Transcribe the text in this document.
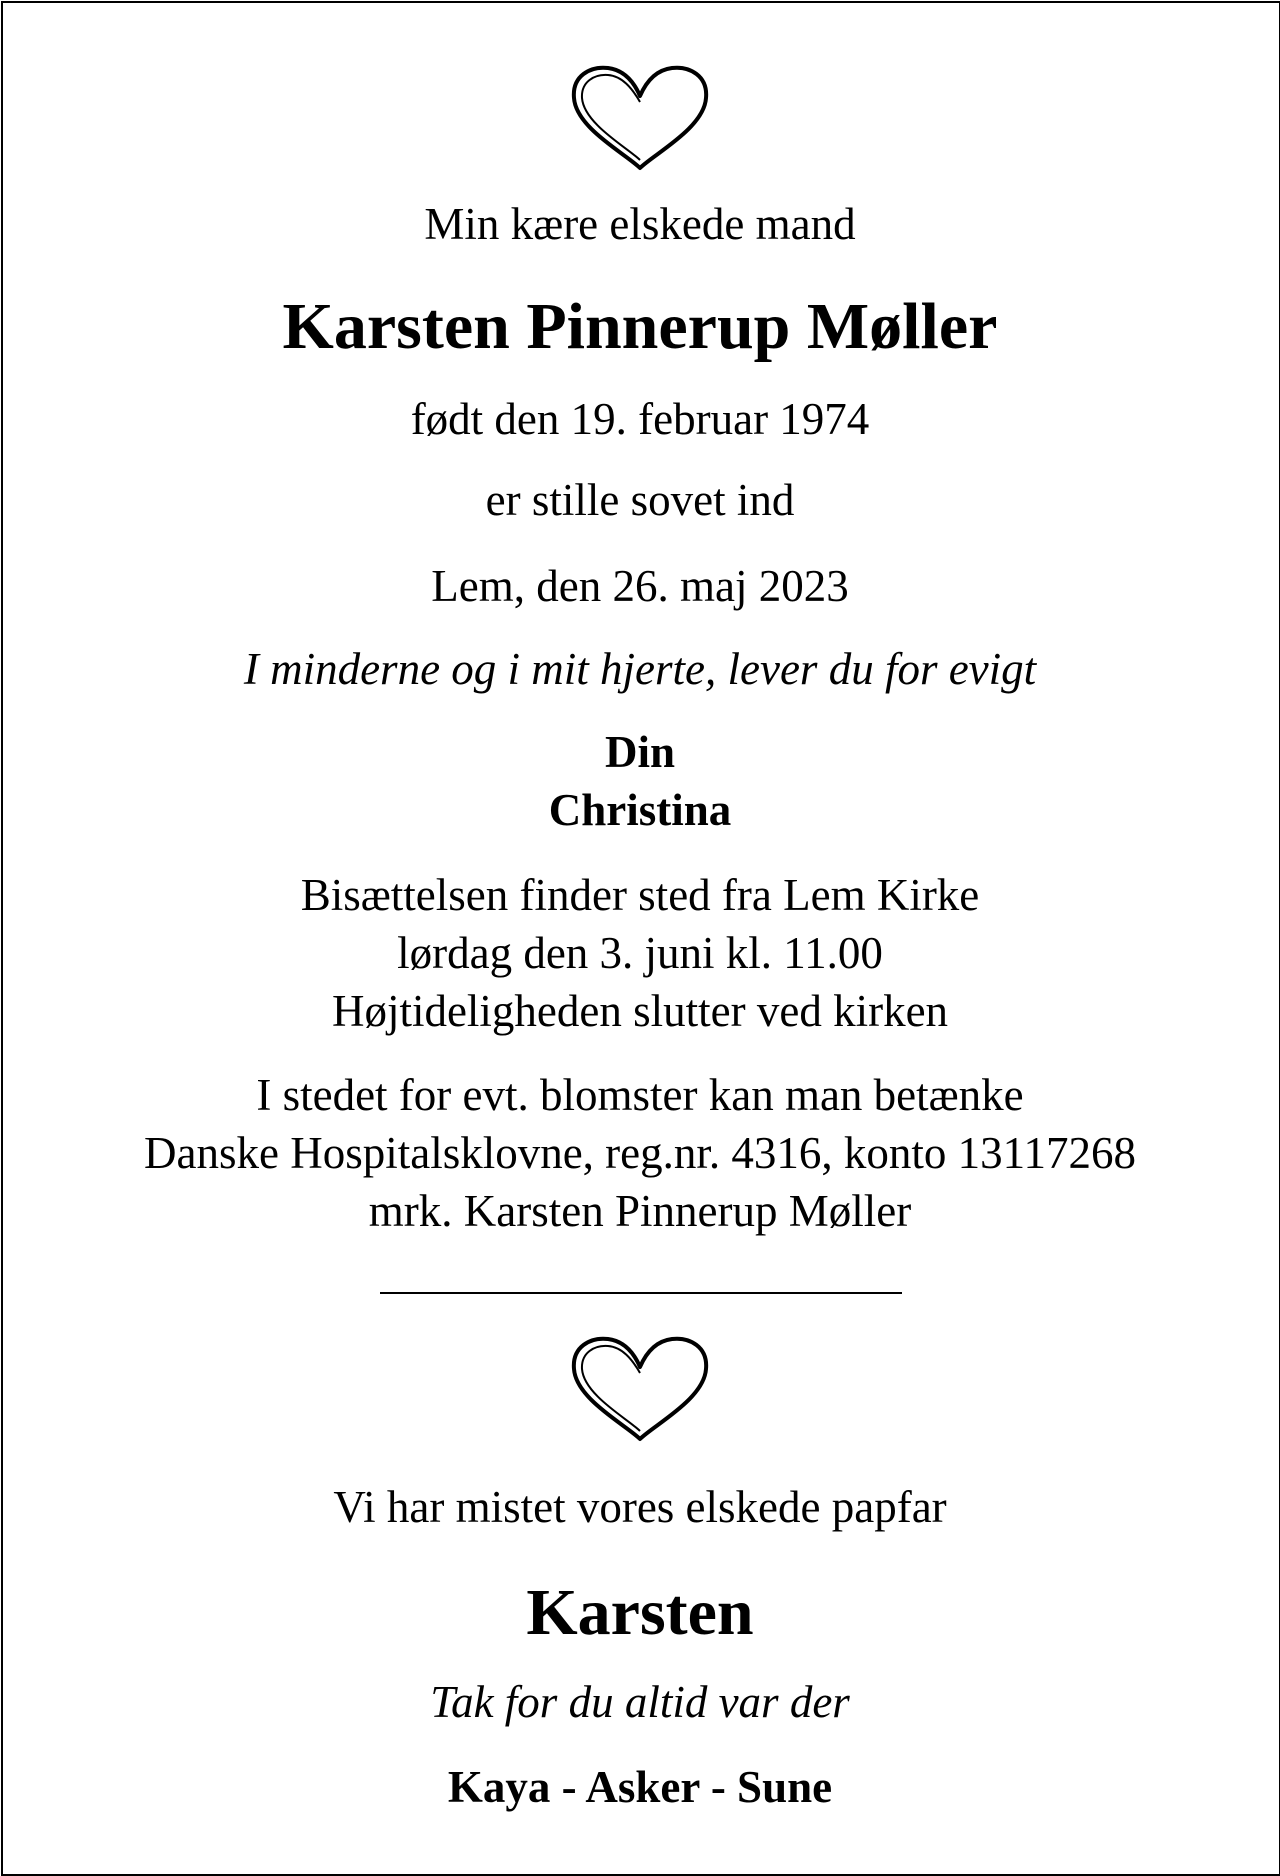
Min kære elskede mand
Karsten Pinnerup Møller
født den 19. februar 1974
er stille sovet ind
Lem, den 26. maj 2023
I minderne og i mit hjerte, lever du for evigt
Din
Christina
Bisættelsen finder sted fra Lem Kirke
lørdag den 3. juni kl. 11.00
Højtideligheden slutter ved kirken
I stedet for evt. blomster kan man betænke
Danske Hospitalsklovne, reg.nr. 4316, konto 13117268
mrk. Karsten Pinnerup Møller
Vi har mistet vores elskede papfar
Karsten
Tak for du altid var der
Kaya - Asker - Sune
